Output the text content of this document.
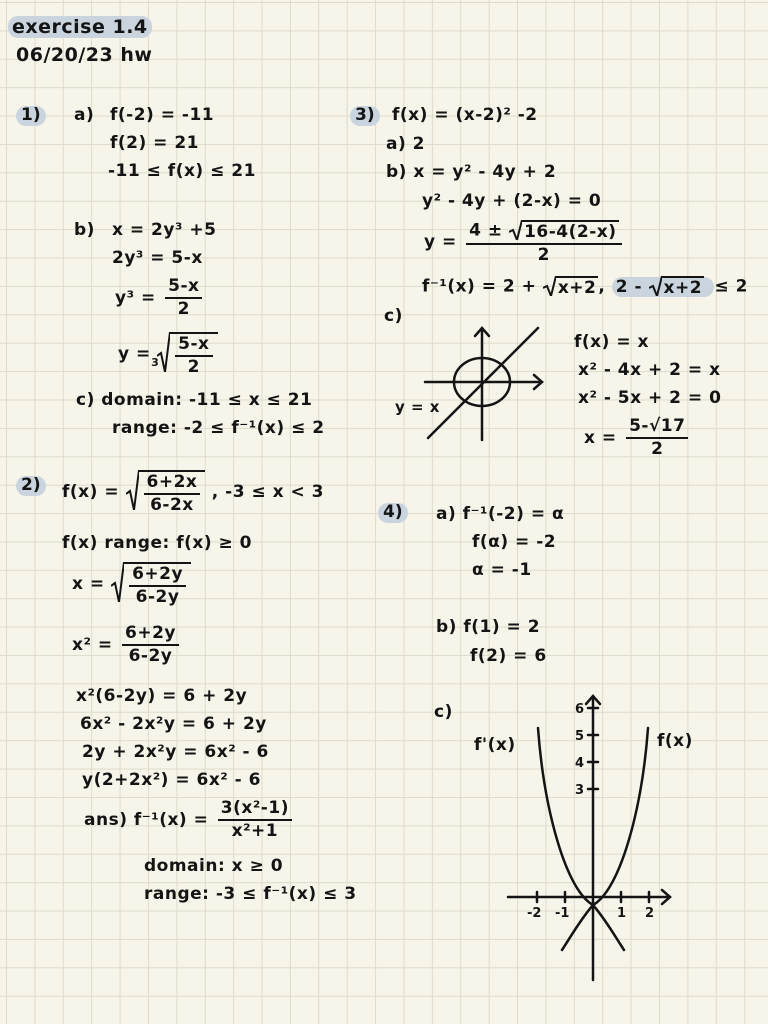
exercise 1.4
06/20/23 hw
1) a) f(-2) = -11
f(2) = 21
-11 ≤ f(x) ≤ 21
b) x = 2y³ +5
2y³ = 5-x
$y^3 = \frac{5-x}{2}$
$y = 3 \frac{5-x}{2}$
c) domain: -11 ≤ x ≤ 21
range: -2 ≤ f⁻¹(x) ≤ 2
2) $f(x) = \frac{6+2x}{6-2x}$ , -3 ≤ x < 3
f(x) range: f(x) ≥ 0
$x = \frac{6+2y}{6-2y}$
$x^2 = \frac{6+2y}{6-2y}$
x²(6-2y) = 6 + 2y
6x² - 2x²y = 6 + 2y
2y + 2x²y = 6x² - 6
y(2+2x²) = 6x² - 6
ans) $f^{-1}(x) = \frac{\text{3(x²-1)}}{\text{x²+1}}$
domain: x ≥ 0
range: -3 ≤ f⁻¹(x) ≤ 3
3) f(x) = (x-2)² -2
a) 2
b) x = y² - 4y + 2
y² - 4y + (2-x) = 0
$y = \frac{4 \pm 16-4(2-x)}{2}$
f⁻¹(x) = 2 + x+2 , 2 - x+2 ≤ 2
c)
y = x
f(x) = x
x² - 4x + 2 = x
x² - 5x + 2 = 0
$x = \frac{5-√17}{2}$
4) a) f⁻¹(-2) = α
f(α) = -2
α = -1
b) f(1) = 2
f(2) = 6
c)
f'(x)	f(x)
6
5
4
3
-2 -1	1 2
